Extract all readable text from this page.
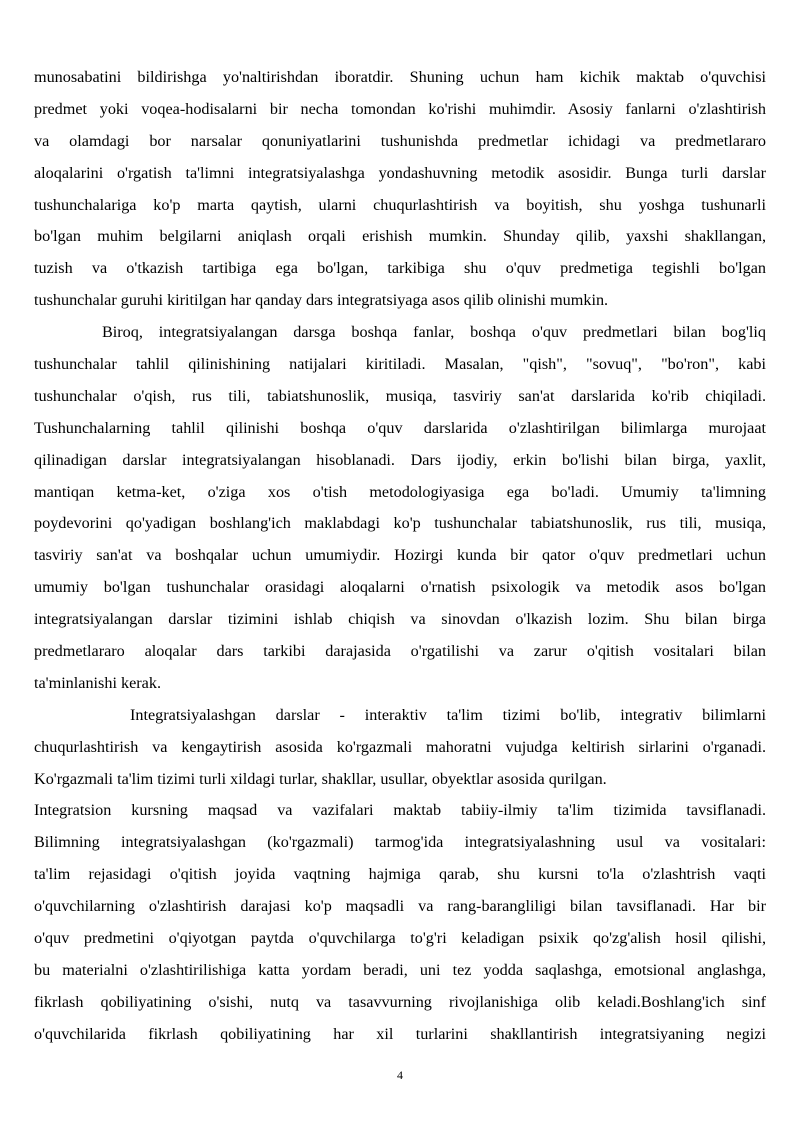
munosabatini bildirishga yo'naltirishdan iboratdir. Shuning uchun ham kichik maktab o'quvchisi
predmet yoki voqea-hodisalarni bir necha tomondan ko'rishi muhimdir. Asosiy fanlarni o'zlashtirish
va olamdagi bor narsalar qonuniyatlarini tushunishda predmetlar ichidagi va predmetlararo
aloqalarini o'rgatish ta'limni integratsiyalashga yondashuvning metodik asosidir. Bunga turli darslar
tushunchalariga ko'p marta qaytish, ularni chuqurlashtirish va boyitish, shu yoshga tushunarli
bo'lgan muhim belgilarni aniqlash orqali erishish mumkin. Shunday qilib, yaxshi shakllangan,
tuzish va o'tkazish tartibiga ega bo'lgan, tarkibiga shu o'quv predmetiga tegishli bo'lgan
tushunchalar guruhi kiritilgan har qanday dars integratsiyaga asos qilib olinishi mumkin.

Biroq, integratsiyalangan darsga boshqa fanlar, boshqa o'quv predmetlari bilan bog'liq
tushunchalar tahlil qilinishining natijalari kiritiladi. Masalan, "qish", "sovuq", "bo'ron", kabi
tushunchalar o'qish, rus tili, tabiatshunoslik, musiqa, tasviriy san'at darslarida ko'rib chiqiladi.
Tushunchalarning tahlil qilinishi boshqa o'quv darslarida o'zlashtirilgan bilimlarga murojaat
qilinadigan darslar integratsiyalangan hisoblanadi. Dars ijodiy, erkin bo'lishi bilan birga, yaxlit,
mantiqan ketma-ket, o'ziga xos o'tish metodologiyasiga ega bo'ladi. Umumiy ta'limning
poydevorini qo'yadigan boshlang'ich maklabdagi ko'p tushunchalar tabiatshunoslik, rus tili, musiqa,
tasviriy san'at va boshqalar uchun umumiydir. Hozirgi kunda bir qator o'quv predmetlari uchun
umumiy bo'lgan tushunchalar orasidagi aloqalarni o'rnatish psixologik va metodik asos bo'lgan
integratsiyalangan darslar tizimini ishlab chiqish va sinovdan o'lkazish lozim. Shu bilan birga
predmetlararo aloqalar dars tarkibi darajasida o'rgatilishi va zarur o'qitish vositalari bilan
ta'minlanishi kerak.

Integratsiyalashgan darslar - interaktiv ta'lim tizimi bo'lib, integrativ bilimlarni
chuqurlashtirish va kengaytirish asosida ko'rgazmali mahoratni vujudga keltirish sirlarini o'rganadi.
Ko'rgazmali ta'lim tizimi turli xildagi turlar, shakllar, usullar, obyektlar asosida qurilgan.

Integratsion kursning maqsad va vazifalari maktab tabiiy-ilmiy ta'lim tizimida tavsiflanadi.
Bilimning integratsiyalashgan (ko'rgazmali) tarmog'ida integratsiyalashning usul va vositalari:
ta'lim rejasidagi o'qitish joyida vaqtning hajmiga qarab, shu kursni to'la o'zlashtrish vaqti
o'quvchilarning o'zlashtirish darajasi ko'p maqsadli va rang-barangliligi bilan tavsiflanadi. Har bir
o'quv predmetini o'qiyotgan paytda o'quvchilarga to'g'ri keladigan psixik qo'zg'alish hosil qilishi,
bu materialni o'zlashtirilishiga katta yordam beradi, uni tez yodda saqlashga, emotsional anglashga,
fikrlash qobiliyatining o'sishi, nutq va tasavvurning rivojlanishiga olib keladi.Boshlang'ich sinf
o'quvchilarida fikrlash qobiliyatining har xil turlarini shakllantirish integratsiyaning negizi

4
